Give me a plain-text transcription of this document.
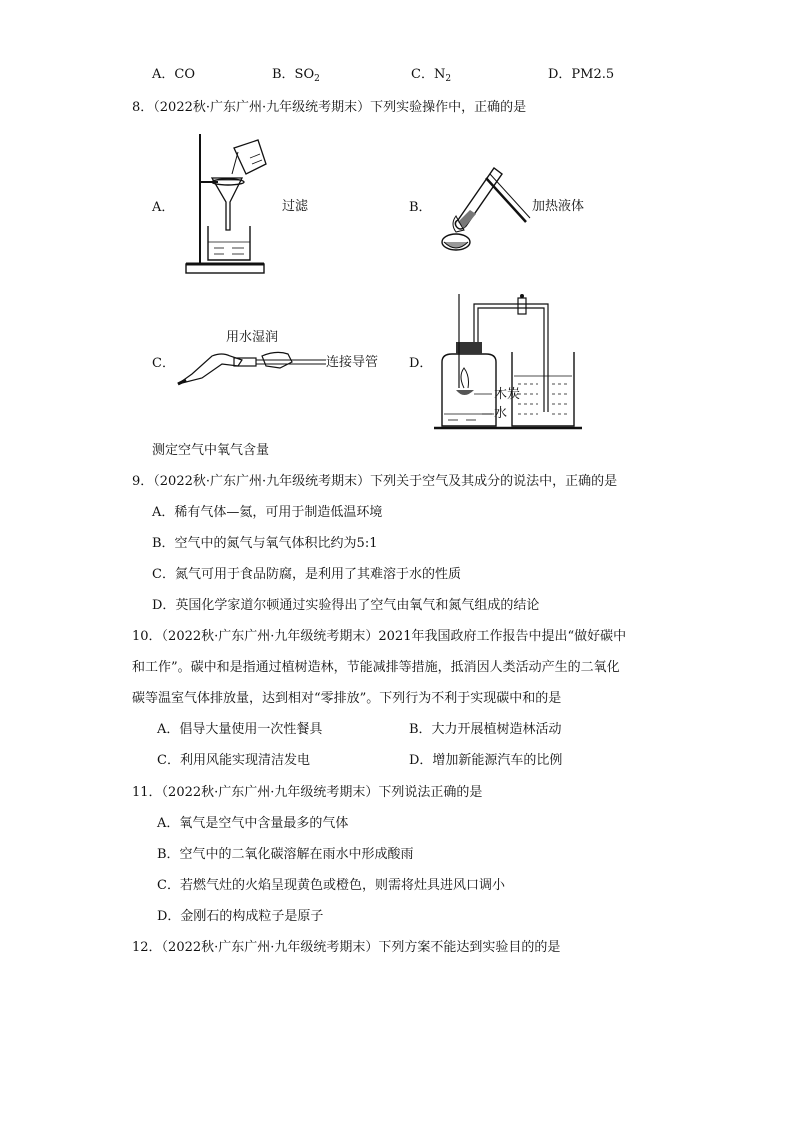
A．CO	B．$SO_2$	C．$N_2$	D．PM2.5
8．（2022秋·广东广州·九年级统考期末）下列实验操作中，正确的是
A．	过滤	B．	加热液体
C．
用水湿润
连接导管 D．
木炭
水
测定空气中氧气含量
9．（2022秋·广东广州·九年级统考期末）下列关于空气及其成分的说法中，正确的是
A．稀有气体—氦，可用于制造低温环境
B．空气中的氮气与氧气体积比约为5:1
C．氮气可用于食品防腐，是利用了其难溶于水的性质
D．英国化学家道尔顿通过实验得出了空气由氧气和氮气组成的结论
10．（2022秋·广东广州·九年级统考期末）2021年我国政府工作报告中提出“做好碳中
和工作”。碳中和是指通过植树造林，节能减排等措施，抵消因人类活动产生的二氧化
碳等温室气体排放量，达到相对“零排放”。下列行为不利于实现碳中和的是
A．倡导大量使用一次性餐具	B．大力开展植树造林活动
C．利用风能实现清洁发电	D．增加新能源汽车的比例
11．（2022秋·广东广州·九年级统考期末）下列说法正确的是
A．氧气是空气中含量最多的气体
B．空气中的二氧化碳溶解在雨水中形成酸雨
C．若燃气灶的火焰呈现黄色或橙色，则需将灶具进风口调小
D．金刚石的构成粒子是原子
12．（2022秋·广东广州·九年级统考期末）下列方案不能达到实验目的的是
